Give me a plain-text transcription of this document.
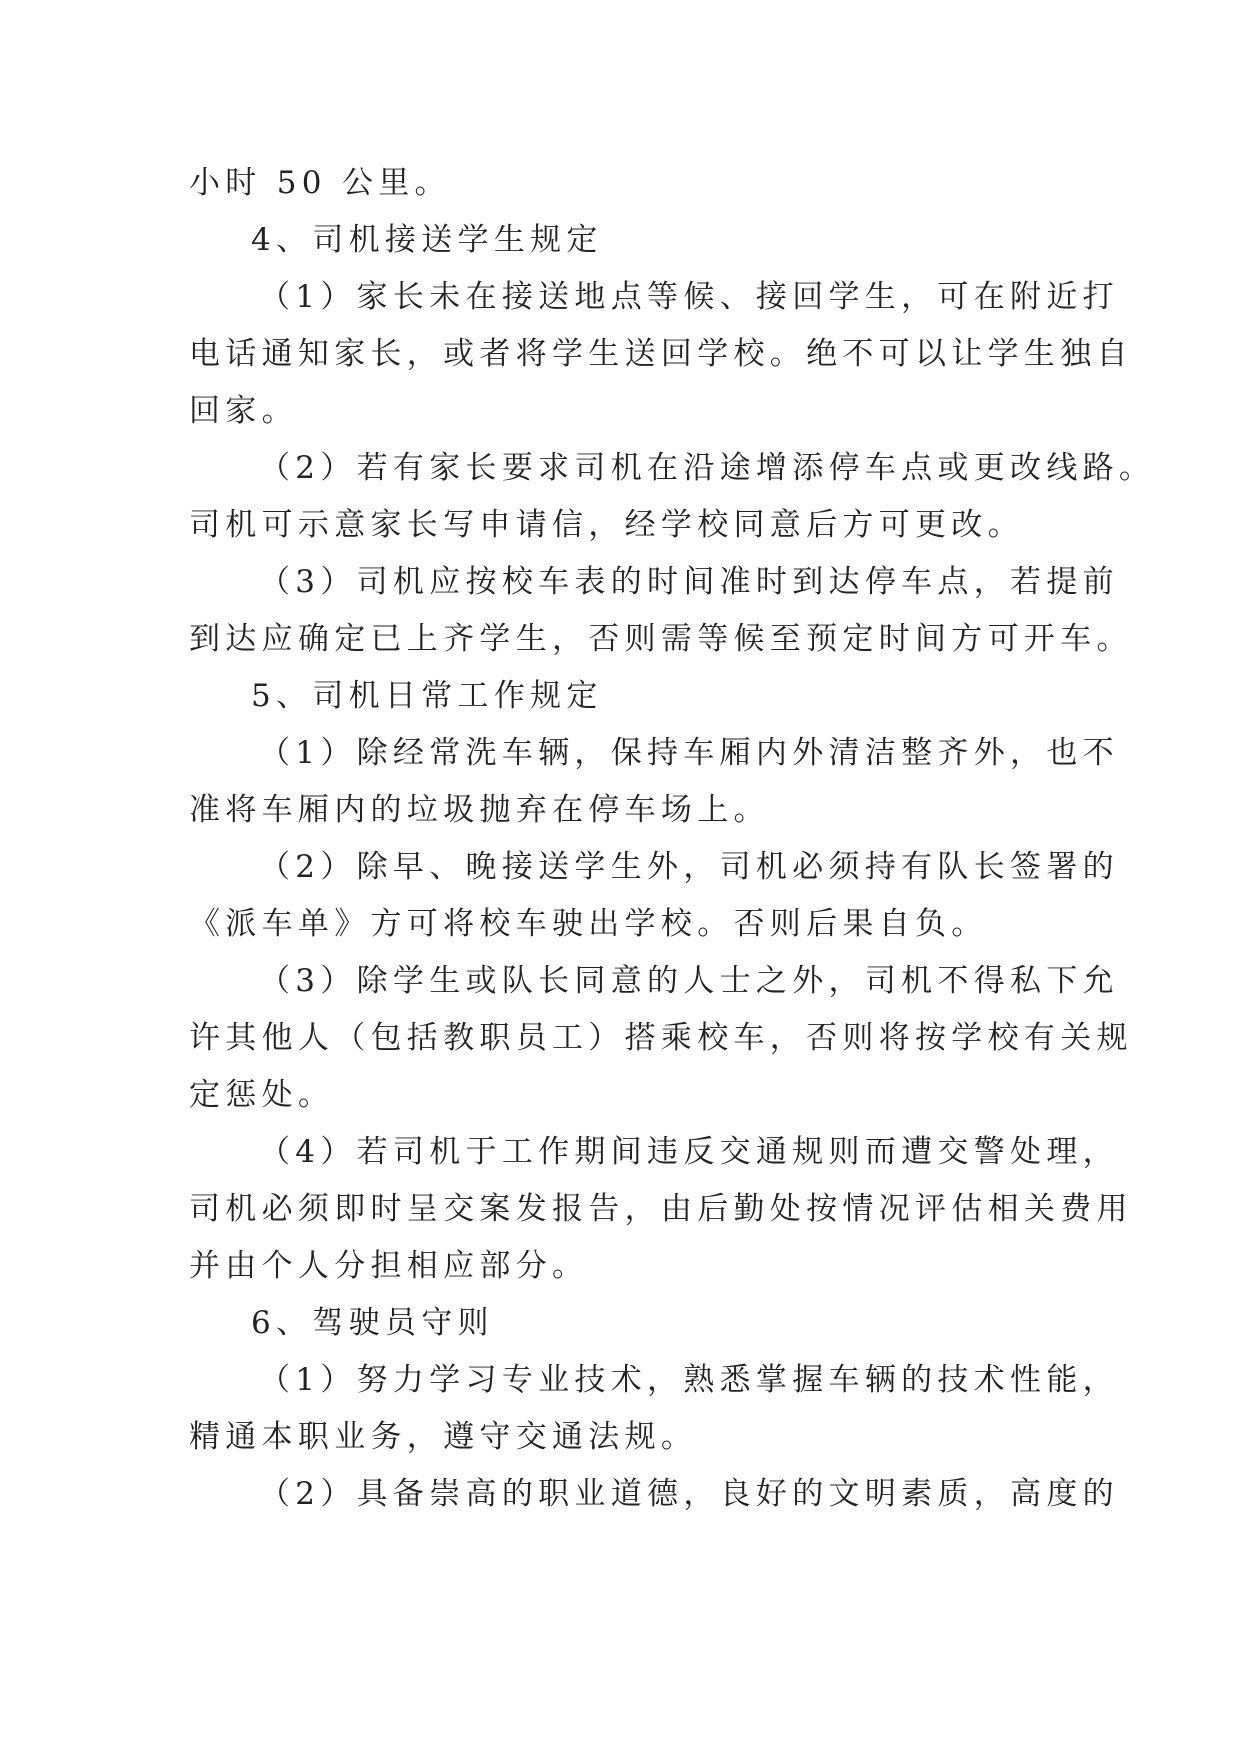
小时 50 公里。
4、司机接送学生规定
（1）家长未在接送地点等候、接回学生，可在附近打
电话通知家长，或者将学生送回学校。绝不可以让学生独自
回家。
（2）若有家长要求司机在沿途增添停车点或更改线路。
司机可示意家长写申请信，经学校同意后方可更改。
（3）司机应按校车表的时间准时到达停车点，若提前
到达应确定已上齐学生，否则需等候至预定时间方可开车。
5、司机日常工作规定
（1）除经常洗车辆，保持车厢内外清洁整齐外，也不
准将车厢内的垃圾抛弃在停车场上。
（2）除早、晚接送学生外，司机必须持有队长签署的
《派车单》方可将校车驶出学校。否则后果自负。
（3）除学生或队长同意的人士之外，司机不得私下允
许其他人（包括教职员工）搭乘校车，否则将按学校有关规
定惩处。
（4）若司机于工作期间违反交通规则而遭交警处理，
司机必须即时呈交案发报告，由后勤处按情况评估相关费用
并由个人分担相应部分。
6、驾驶员守则
（1）努力学习专业技术，熟悉掌握车辆的技术性能，
精通本职业务，遵守交通法规。
（2）具备崇高的职业道德，良好的文明素质，高度的
